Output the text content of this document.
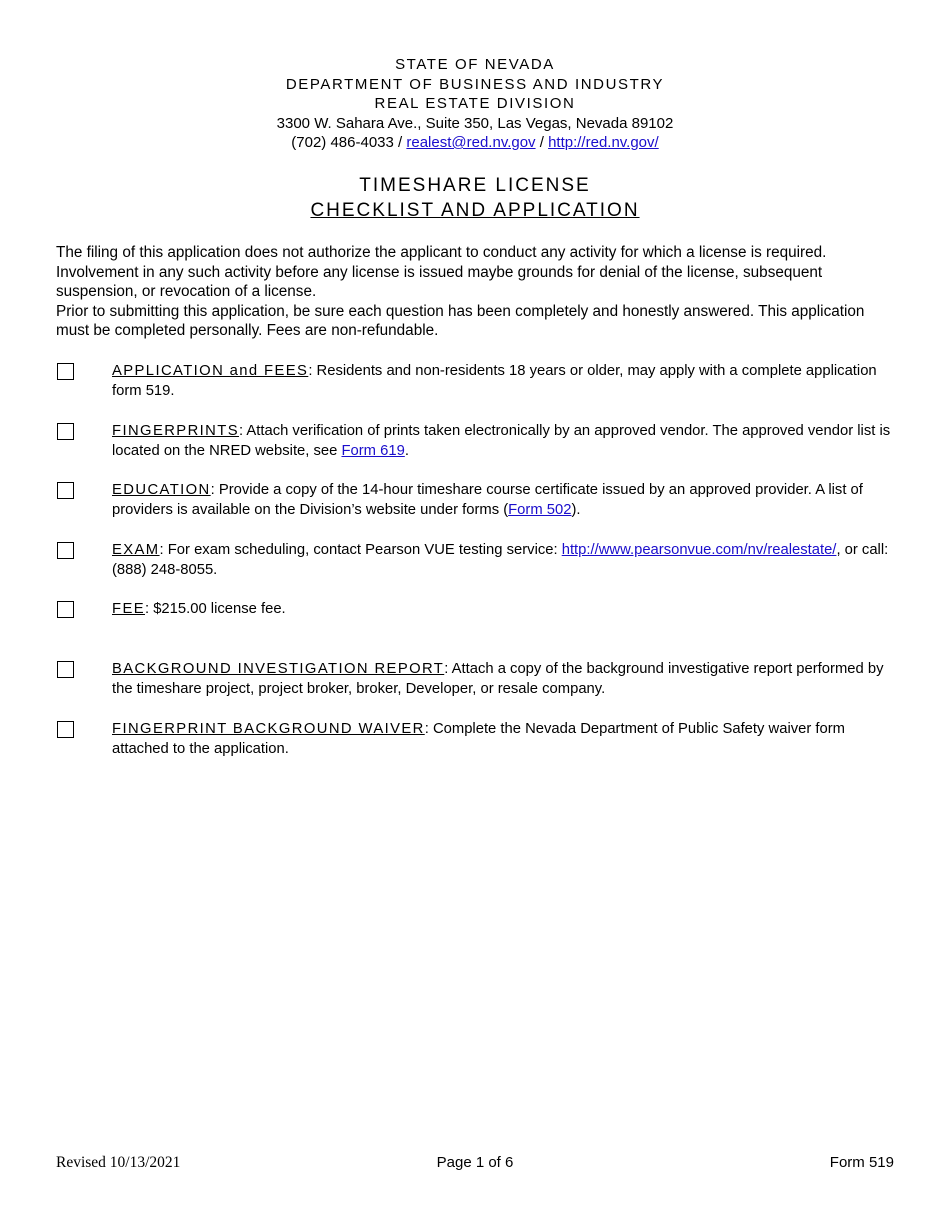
STATE OF NEVADA
DEPARTMENT OF BUSINESS AND INDUSTRY
REAL ESTATE DIVISION
3300 W. Sahara Ave., Suite 350, Las Vegas, Nevada 89102
(702) 486-4033 / realest@red.nv.gov / http://red.nv.gov/
TIMESHARE LICENSE
CHECKLIST AND APPLICATION
The filing of this application does not authorize the applicant to conduct any activity for which a license is required. Involvement in any such activity before any license is issued maybe grounds for denial of the license, subsequent suspension, or revocation of a license.
Prior to submitting this application, be sure each question has been completely and honestly answered. This application must be completed personally. Fees are non-refundable.
APPLICATION and FEES: Residents and non-residents 18 years or older, may apply with a complete application form 519.
FINGERPRINTS: Attach verification of prints taken electronically by an approved vendor. The approved vendor list is located on the NRED website, see Form 619.
EDUCATION: Provide a copy of the 14-hour timeshare course certificate issued by an approved provider. A list of providers is available on the Division’s website under forms (Form 502).
EXAM: For exam scheduling, contact Pearson VUE testing service: http://www.pearsonvue.com/nv/realestate/, or call: (888) 248-8055.
FEE: $215.00 license fee.
BACKGROUND INVESTIGATION REPORT: Attach a copy of the background investigative report performed by the timeshare project, project broker, broker, Developer, or resale company.
FINGERPRINT BACKGROUND WAIVER: Complete the Nevada Department of Public Safety waiver form attached to the application.
Revised 10/13/2021	Page 1 of 6	Form 519
